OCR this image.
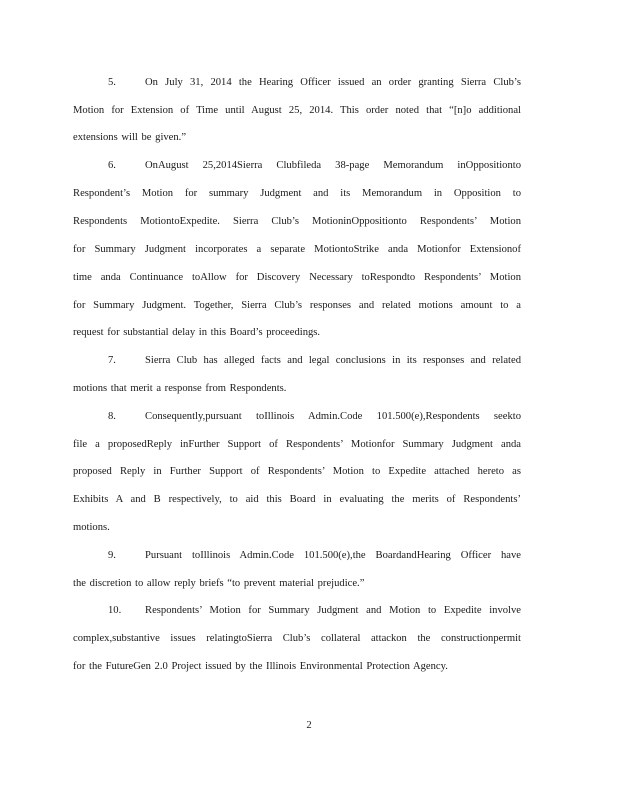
5.	On July 31, 2014 the Hearing Officer issued an order granting Sierra Club’s
Motion for Extension of Time until August 25, 2014. This order noted that “[n]o additional
extensions will be given.”
6.	OnAugust 25,2014Sierra Clubfileda 38-page Memorandum inOppositionto
Respondent’s Motion for summary Judgment and its Memorandum in Opposition to
Respondents MotiontoExpedite. Sierra Club’s MotioninOppositionto Respondents’ Motion
for Summary Judgment incorporates a separate MotiontoStrike anda Motionfor Extensionof
time anda Continuance toAllow for Discovery Necessary toRespondto Respondents’ Motion
for Summary Judgment. Together, Sierra Club’s responses and related motions amount to a
request for substantial delay in this Board’s proceedings.
7.	Sierra Club has alleged facts and legal conclusions in its responses and related
motions that merit a response from Respondents.
8.	Consequently,pursuant toIllinois Admin.Code 101.500(e),Respondents seekto
file a proposedReply inFurther Support of Respondents’ Motionfor Summary Judgment anda
proposed Reply in Further Support of Respondents’ Motion to Expedite attached hereto as
Exhibits A and B respectively, to aid this Board in evaluating the merits of Respondents’
motions.
9.	Pursuant toIllinois Admin.Code 101.500(e),the BoardandHearing Officer have
the discretion to allow reply briefs “to prevent material prejudice.”
10. Respondents’ Motion for Summary Judgment and Motion to Expedite involve
complex,substantive issues relatingtoSierra Club’s collateral attackon the constructionpermit
for the FutureGen 2.0 Project issued by the Illinois Environmental Protection Agency.
2
